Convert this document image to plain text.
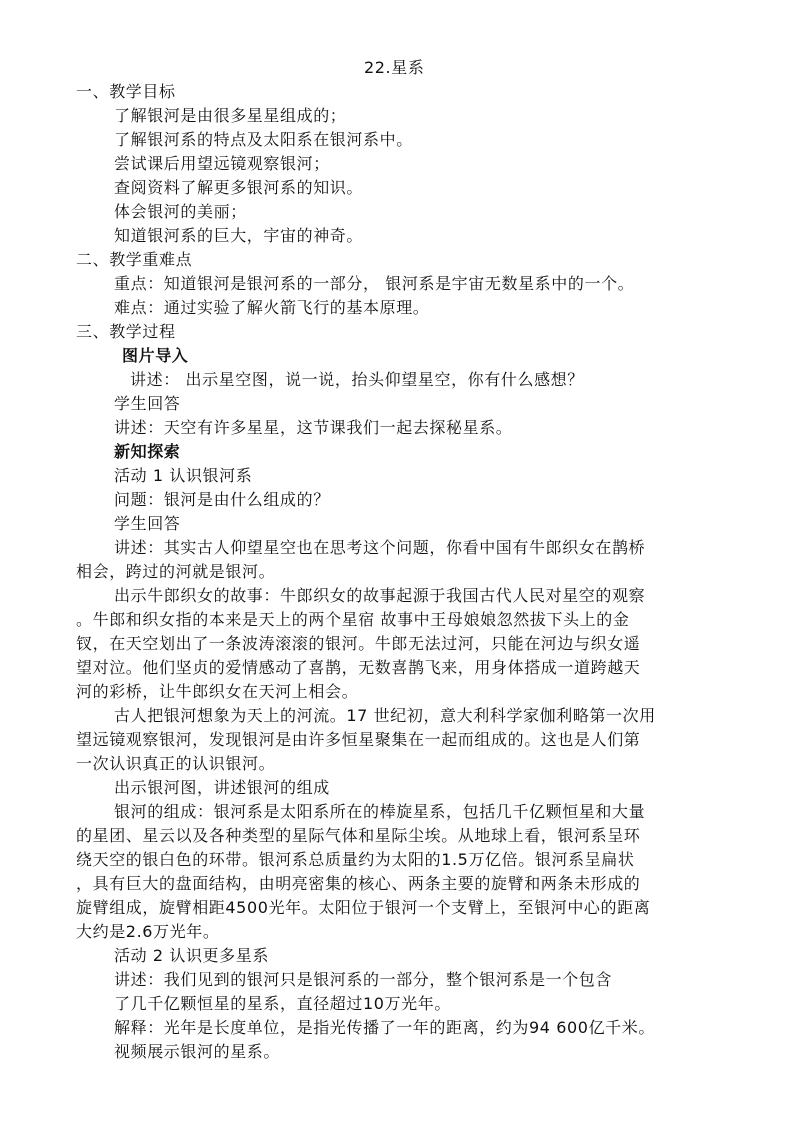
22.星系
一、教学目标
了解银河是由很多星星组成的；
了解银河系的特点及太阳系在银河系中。
尝试课后用望远镜观察银河；
查阅资料了解更多银河系的知识。
体会银河的美丽；
知道银河系的巨大，宇宙的神奇。
二、教学重难点
重点：知道银河是银河系的一部分， 银河系是宇宙无数星系中的一个。
难点：通过实验了解火箭飞行的基本原理。
三、教学过程
图片导入
讲述： 出示星空图，说一说，抬头仰望星空，你有什么感想？
学生回答
讲述：天空有许多星星，这节课我们一起去探秘星系。
新知探索
活动 1 认识银河系
问题：银河是由什么组成的？
学生回答
讲述：其实古人仰望星空也在思考这个问题，你看中国有牛郎织女在鹊桥
相会，跨过的河就是银河。
出示牛郎织女的故事：牛郎织女的故事起源于我国古代人民对星空的观察
。牛郎和织女指的本来是天上的两个星宿 故事中王母娘娘忽然拔下头上的金
钗，在天空划出了一条波涛滚滚的银河。牛郎无法过河，只能在河边与织女遥
望对泣。他们坚贞的爱情感动了喜鹊，无数喜鹊飞来，用身体搭成一道跨越天
河的彩桥，让牛郎织女在天河上相会。
古人把银河想象为天上的河流。17 世纪初，意大利科学家伽利略第一次用
望远镜观察银河，发现银河是由许多恒星聚集在一起而组成的。这也是人们第
一次认识真正的认识银河。
出示银河图，讲述银河的组成
银河的组成：银河系是太阳系所在的棒旋星系，包括几千亿颗恒星和大量
的星团、星云以及各种类型的星际气体和星际尘埃。从地球上看，银河系呈环
绕天空的银白色的环带。银河系总质量约为太阳的1.5万亿倍。银河系呈扁状
，具有巨大的盘面结构，由明亮密集的核心、两条主要的旋臂和两条未形成的
旋臂组成，旋臂相距4500光年。太阳位于银河一个支臂上，至银河中心的距离
大约是2.6万光年。
活动 2 认识更多星系
讲述：我们见到的银河只是银河系的一部分，整个银河系是一个包含
了几千亿颗恒星的星系，直径超过10万光年。
解释：光年是长度单位，是指光传播了一年的距离，约为94 600亿千米。
视频展示银河的星系。
